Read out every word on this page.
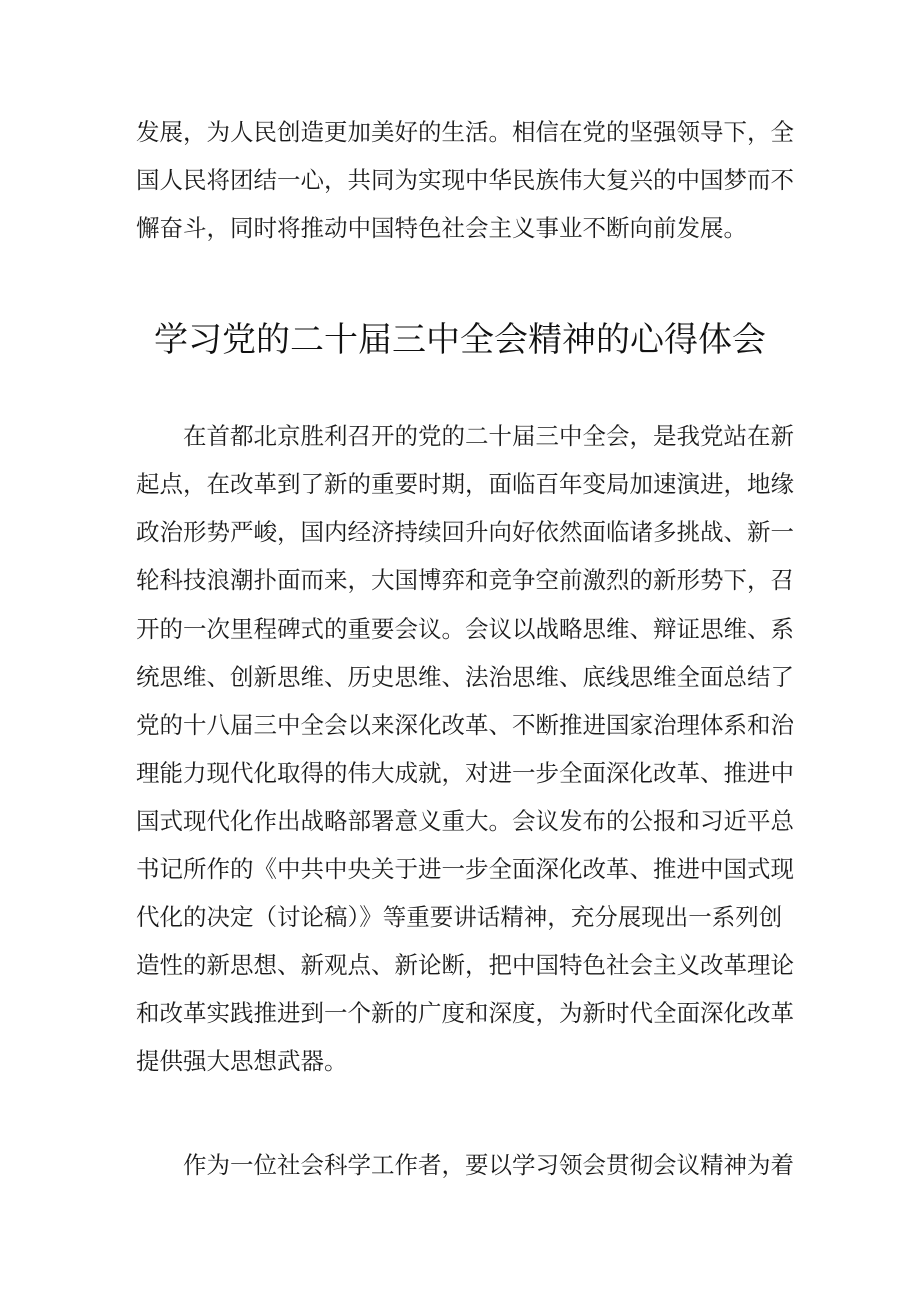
发展，为人民创造更加美好的生活。相信在党的坚强领导下，全
国人民将团结一心，共同为实现中华民族伟大复兴的中国梦而不
懈奋斗，同时将推动中国特色社会主义事业不断向前发展。
学习党的二十届三中全会精神的心得体会
在首都北京胜利召开的党的二十届三中全会，是我党站在新
起点，在改革到了新的重要时期，面临百年变局加速演进，地缘
政治形势严峻，国内经济持续回升向好依然面临诸多挑战、新一
轮科技浪潮扑面而来，大国博弈和竞争空前激烈的新形势下，召
开的一次里程碑式的重要会议。会议以战略思维、辩证思维、系
统思维、创新思维、历史思维、法治思维、底线思维全面总结了
党的十八届三中全会以来深化改革、不断推进国家治理体系和治
理能力现代化取得的伟大成就，对进一步全面深化改革、推进中
国式现代化作出战略部署意义重大。会议发布的公报和习近平总
书记所作的《中共中央关于进一步全面深化改革、推进中国式现
代化的决定（讨论稿）》等重要讲话精神，充分展现出一系列创
造性的新思想、新观点、新论断，把中国特色社会主义改革理论
和改革实践推进到一个新的广度和深度，为新时代全面深化改革
提供强大思想武器。
作为一位社会科学工作者，要以学习领会贯彻会议精神为着
